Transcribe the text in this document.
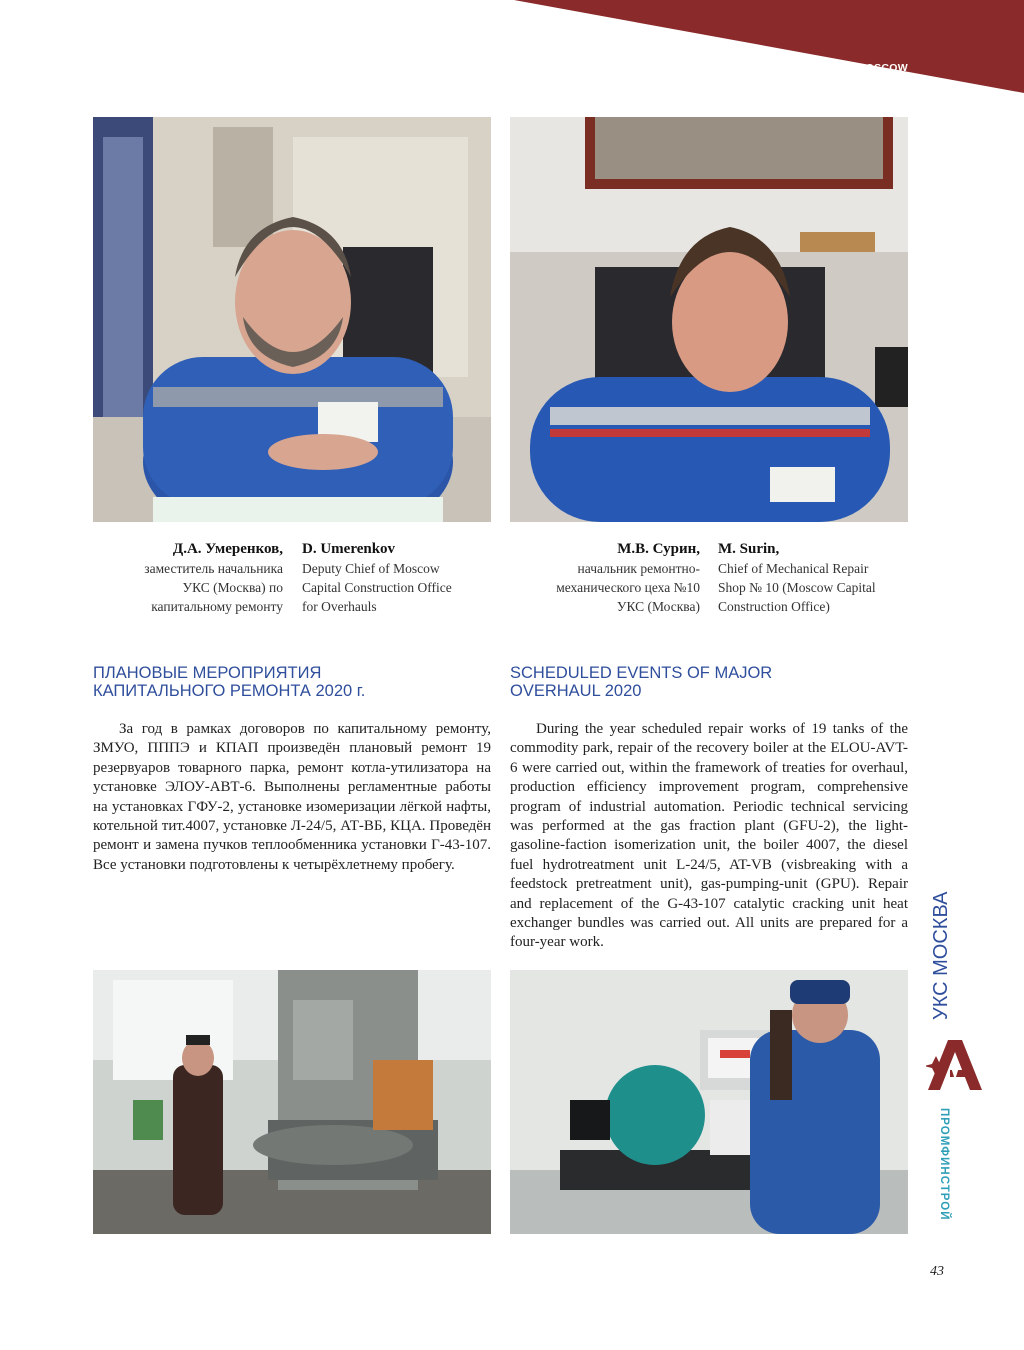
MOSCOW
REFINERY
Д.А. Умеренков,
заместитель начальника
УКС (Москва) по
капитальному ремонту
D. Umerenkov
Deputy Chief of Moscow
Capital Construction Office
for Overhauls
М.В. Сурин,
начальник ремонтно-
механического цеха №10
УКС (Москва)
M. Surin,
Chief of Mechanical Repair
Shop № 10 (Moscow Capital
Construction Office)
ПЛАНОВЫЕ МЕРОПРИЯТИЯ
КАПИТАЛЬНОГО РЕМОНТА 2020 г.
SCHEDULED EVENTS OF MAJOR
OVERHAUL 2020

За год в рамках договоров по капитальному ремонту, ЗМУО, ПППЭ и КПАП произведён плановый ремонт 19 резервуаров товарного парка, ремонт котла-утилизатора на установке ЭЛОУ-АВТ-6. Выполнены регламентные работы на установках ГФУ-2, установке изомеризации лёгкой нафты, котельной тит.4007, установке Л-24/5, АТ-ВБ, КЦА. Проведён ремонт и замена пучков теплообменника установки Г-43-107. Все установки подготовлены к четырёхлетнему пробегу.

During the year scheduled repair works of 19 tanks of the commodity park, repair of the recovery boiler at the ELOU-AVT-6 were carried out, within the framework of treaties for overhaul, production efficiency improvement program, comprehensive program of industrial automation. Periodic technical servicing was performed at the gas fraction plant (GFU-2), the light-gasoline-faction isomerization unit, the boiler 4007, the diesel fuel hydrotreatment unit L-24/5, AT-VB (visbreaking with a feedstock pretreatment unit), gas-pumping-unit (GPU). Repair and replacement of the G-43-107 catalytic cracking unit heat exchanger bundles was carried out. All units are prepared for a four-year work.	УКС МОСКВА
ПРОМФИНСТРОЙ
43
